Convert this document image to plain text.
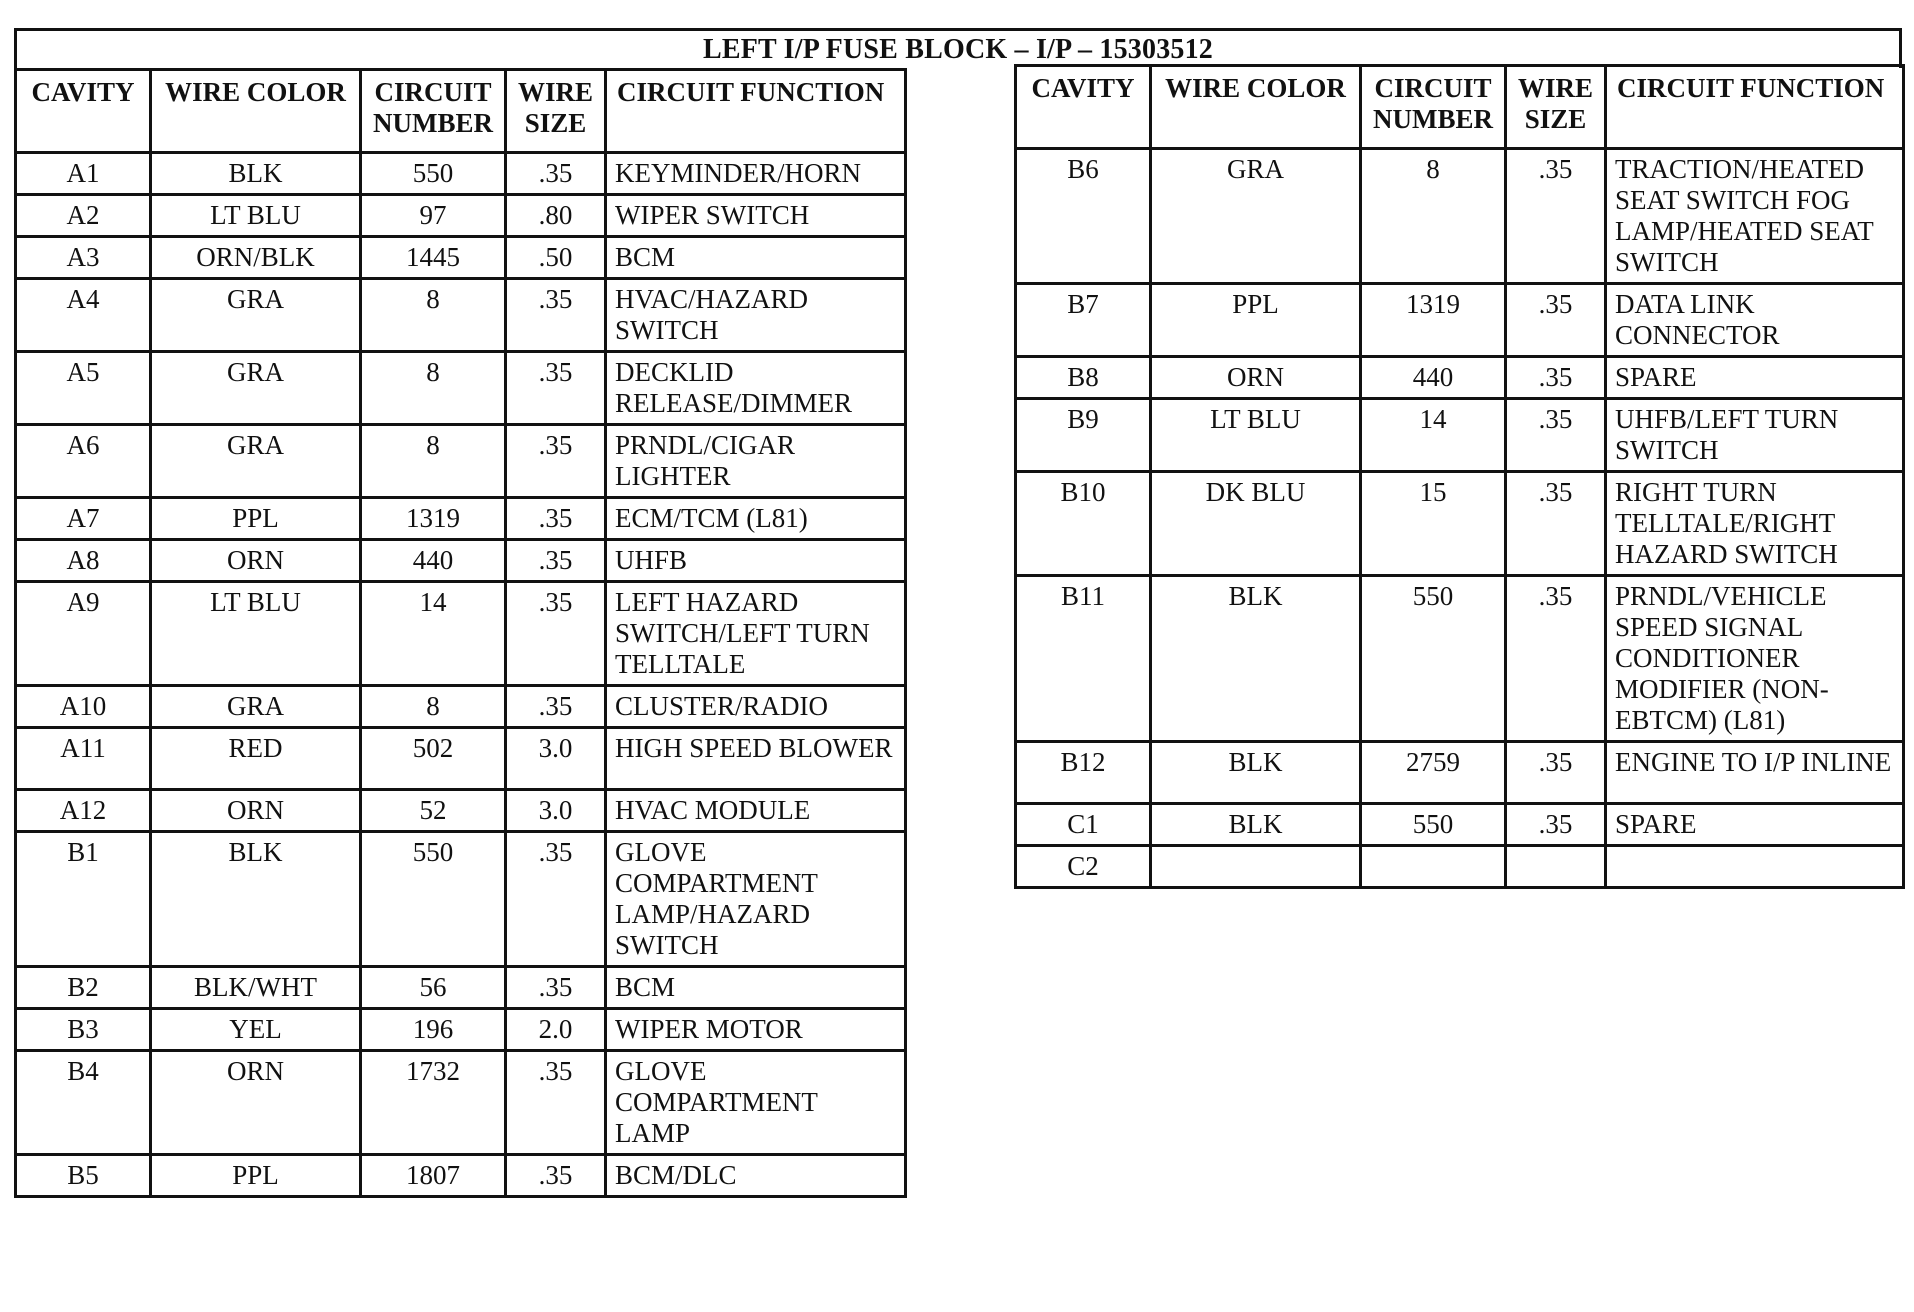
LEFT I/P FUSE BLOCK – I/P – 15303512
CAVITY	WIRE COLOR	CIRCUIT NUMBER	WIRE SIZE	CIRCUIT FUNCTION
A1	BLK	550	.35	KEYMINDER/HORN
A2	LT BLU	97	.80	WIPER SWITCH
A3	ORN/BLK	1445	.50	BCM
A4	GRA	8	.35	HVAC/HAZARD SWITCH
A5	GRA	8	.35	DECKLID RELEASE/DIMMER
A6	GRA	8	.35	PRNDL/CIGAR LIGHTER
A7	PPL	1319	.35	ECM/TCM (L81)
A8	ORN	440	.35	UHFB
A9	LT BLU	14	.35	LEFT HAZARD SWITCH/LEFT TURN TELLTALE
A10	GRA	8	.35	CLUSTER/RADIO
A11	RED	502	3.0	HIGH SPEED BLOWER
A12	ORN	52	3.0	HVAC MODULE
B1	BLK	550	.35	GLOVE COMPARTMENT LAMP/HAZARD SWITCH
B2	BLK/WHT	56	.35	BCM
B3	YEL	196	2.0	WIPER MOTOR
B4	ORN	1732	.35	GLOVE COMPARTMENT LAMP
B5	PPL	1807	.35	BCM/DLC
CAVITY	WIRE COLOR	CIRCUIT NUMBER	WIRE SIZE	CIRCUIT FUNCTION
B6	GRA	8	.35	TRACTION/HEATED SEAT SWITCH FOG LAMP/HEATED SEAT SWITCH
B7	PPL	1319	.35	DATA LINK CONNECTOR
B8	ORN	440	.35	SPARE
B9	LT BLU	14	.35	UHFB/LEFT TURN SWITCH
B10	DK BLU	15	.35	RIGHT TURN TELLTALE/RIGHT HAZARD SWITCH
B11	BLK	550	.35	PRNDL/VEHICLE SPEED SIGNAL CONDITIONER MODIFIER (NON-EBTCM) (L81)
B12	BLK	2759	.35	ENGINE TO I/P INLINE
C1	BLK	550	.35	SPARE
C2				
